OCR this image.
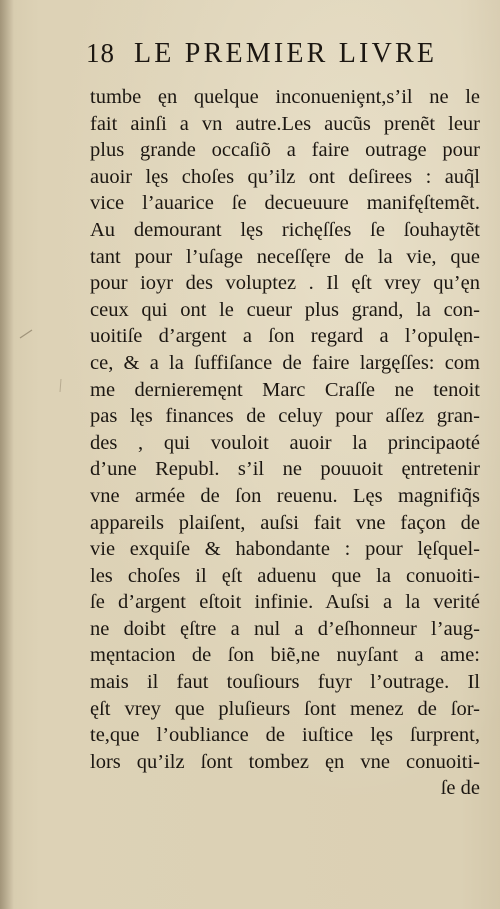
18 LE PREMIER LIVRE
tumbe ęn quelque inconueniȩnt,s’il ne le
fait ainſi a vn autre.Les aucũs prenẽt leur
plus grande occaſiõ a faire outrage pour
auoir lęs choſes qu’ilz ont deſirees : auq̃l
vice l’auarice ſe decueuure manifęſtemẽt.
Au demourant lęs richęſſes ſe ſouhaytẽt
tant pour l’uſage neceſſęre de la vie, que
pour ioyr des voluptez . Il ęſt vrey qu’ęn
ceux qui ont le cueur plus grand, la con-
uoitiſe d’argent a ſon regard a l’opulęn-
ce, & a la ſuffiſance de faire largęſſes: com
me dernieremęnt Marc Craſſe ne tenoit
pas lęs finances de celuy pour aſſez gran-
des , qui vouloit auoir la principaoté
d’une Republ. s’il ne pouuoit ęntretenir
vne armée de ſon reuenu. Lęs magnifiq̃s
appareils plaiſent, auſsi fait vne façon de
vie exquiſe & habondante : pour lęſquel-
les choſes il ęſt aduenu que la conuoiti-
ſe d’argent eſtoit infinie. Auſsi a la verité
ne doibt ęſtre a nul a d’eſhonneur l’aug-
męntacion de ſon biẽ,ne nuyſant a ame:
mais il faut touſiours fuyr l’outrage. Il
ęſt vrey que pluſieurs ſont menez de ſor-
te,que l’oubliance de iuſtice lęs ſurprent,
lors qu’ilz ſont tombez ęn vne conuoiti-
ſe de
